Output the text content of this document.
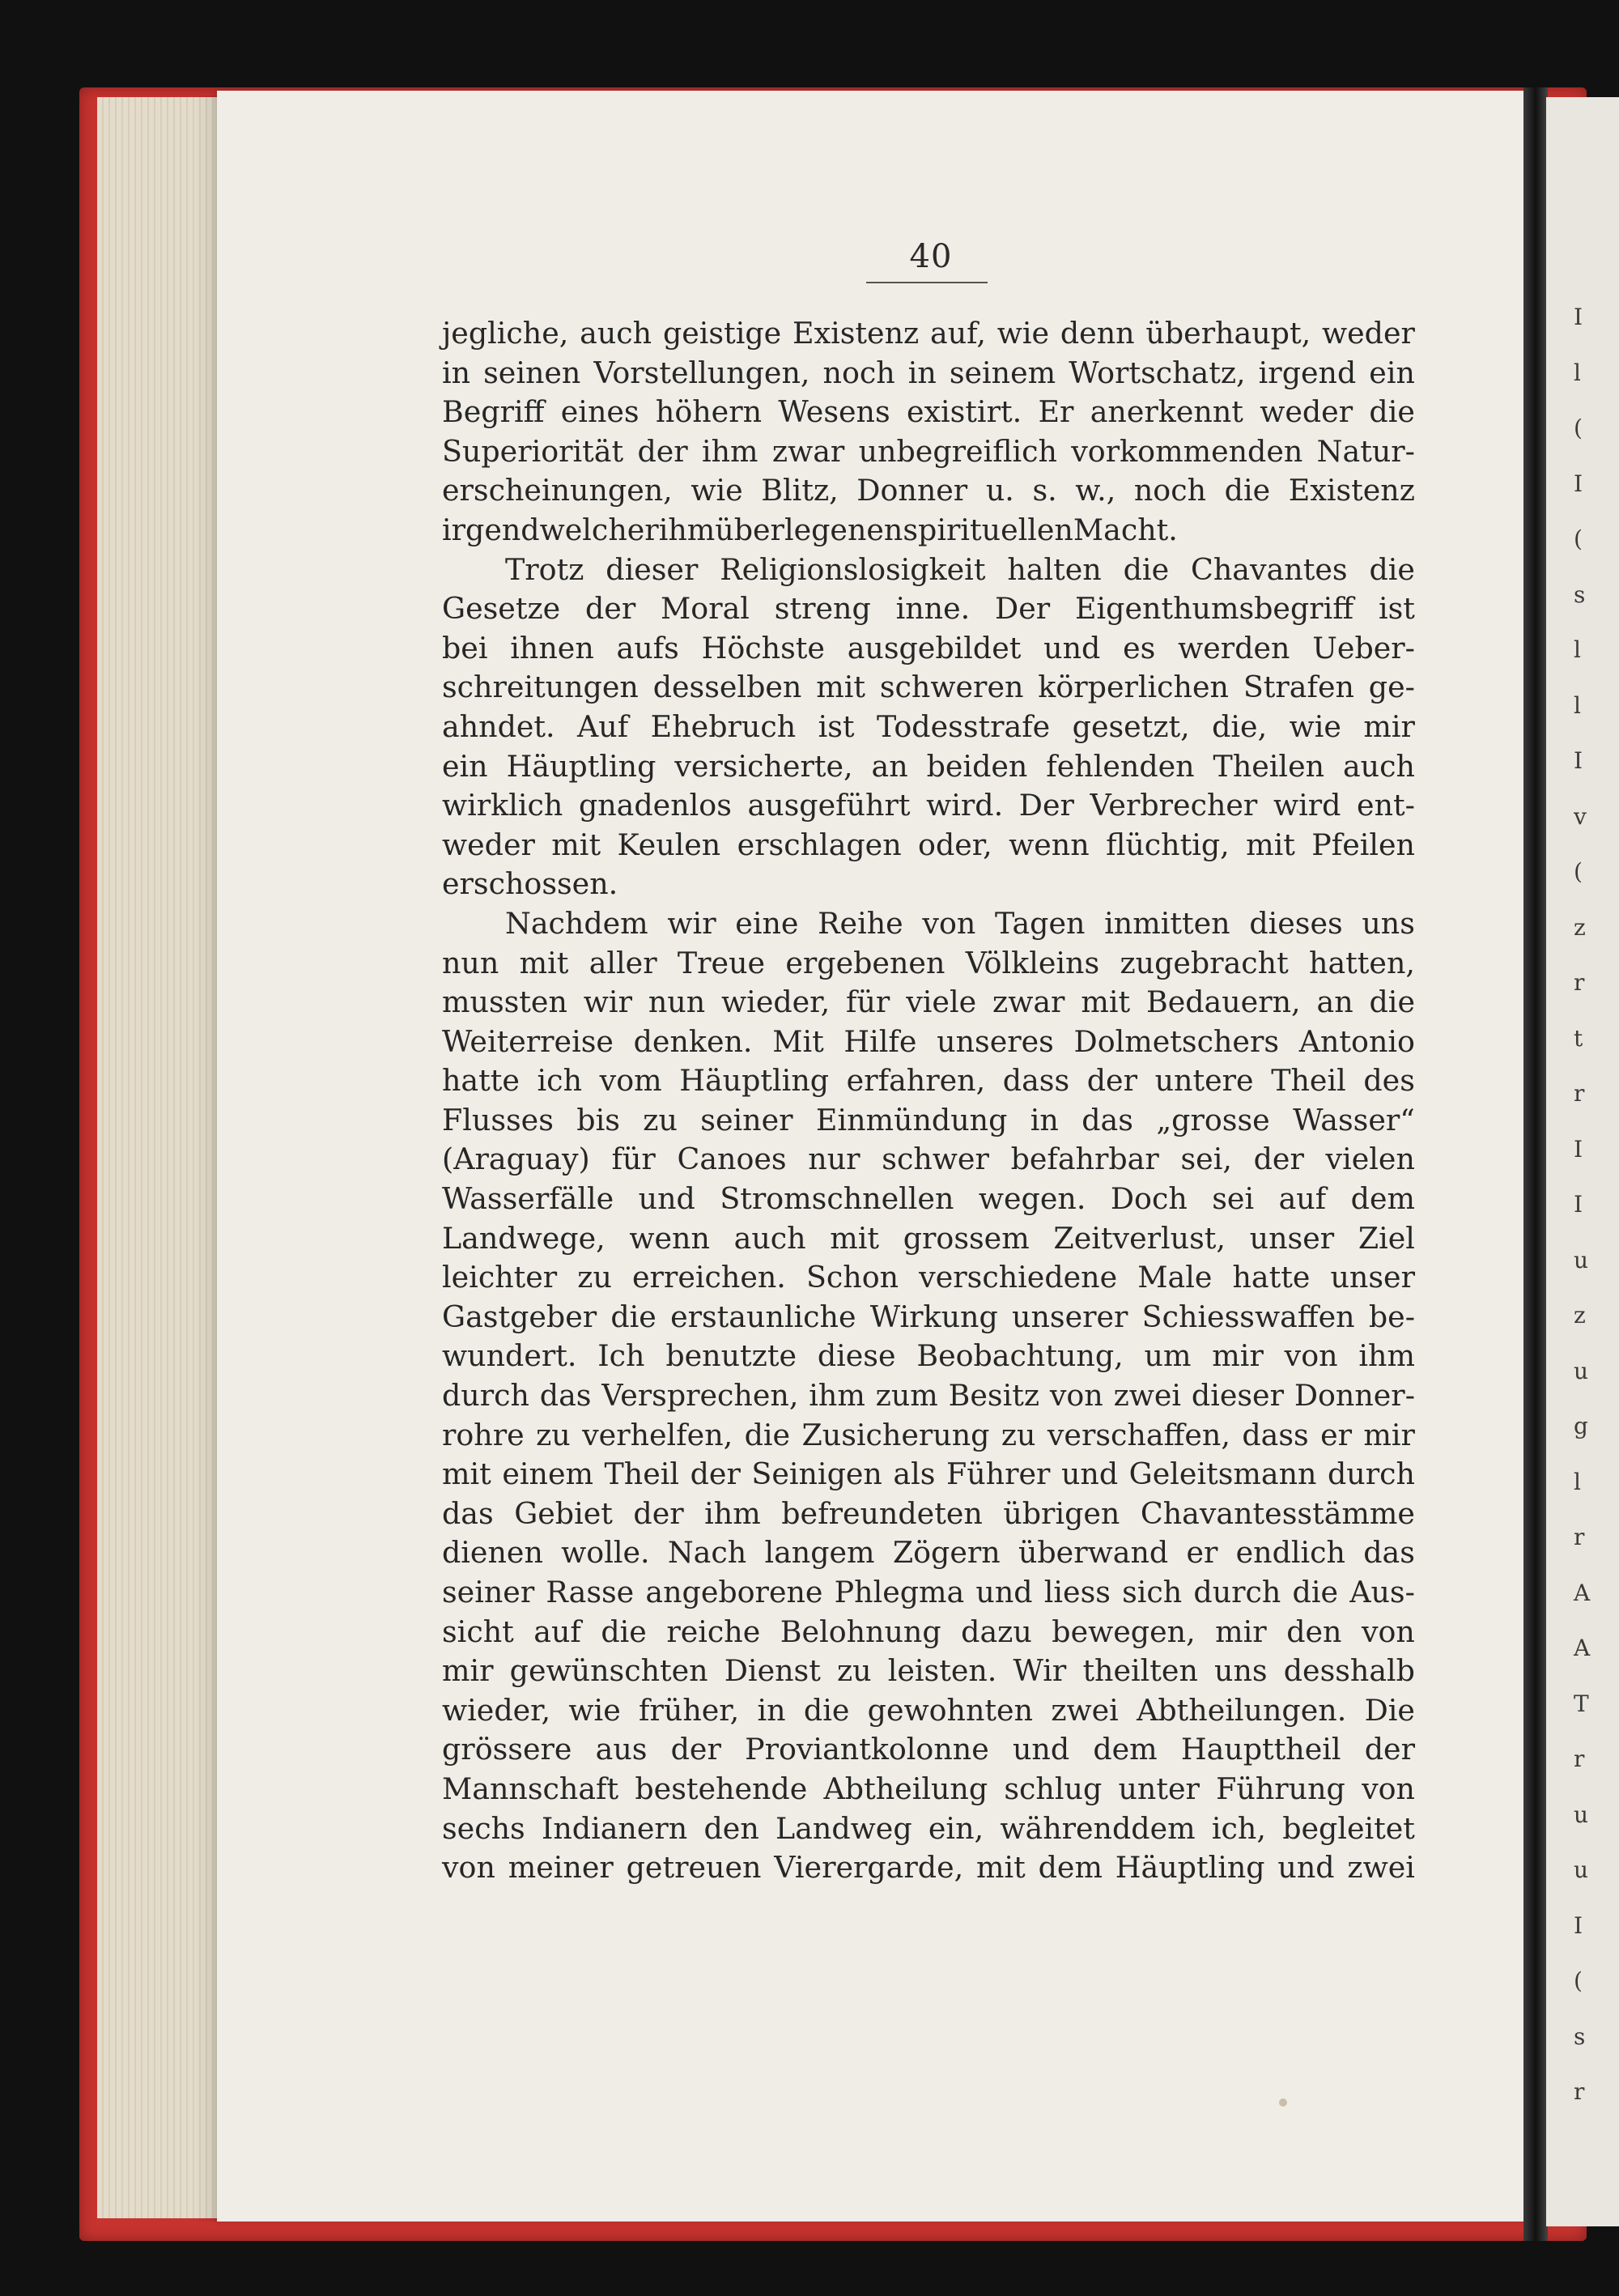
I
l
(
I
(
s
l
l
I
v
(
z
r
t
r
I
I
u
z
u
g
l
r
A
A
T
r
u
u
I
(
s
r
40
jegliche, auch geistige Existenz auf, wie denn überhaupt, weder
in seinen Vorstellungen, noch in seinem Wortschatz, irgend ein
Begriff eines höhern Wesens existirt. Er anerkennt weder die
Superiorität der ihm zwar unbegreiflich vorkommenden Natur-
erscheinungen, wie Blitz, Donner u. s. w., noch die Existenz
irgend welcher ihm überlegenen spirituellen Macht.
Trotz dieser Religionslosigkeit halten die Chavantes die
Gesetze der Moral streng inne. Der Eigenthumsbegriff ist
bei ihnen aufs Höchste ausgebildet und es werden Ueber-
schreitungen desselben mit schweren körperlichen Strafen ge-
ahndet. Auf Ehebruch ist Todesstrafe gesetzt, die, wie mir
ein Häuptling versicherte, an beiden fehlenden Theilen auch
wirklich gnadenlos ausgeführt wird. Der Verbrecher wird ent-
weder mit Keulen erschlagen oder, wenn flüchtig, mit Pfeilen
erschossen.
Nachdem wir eine Reihe von Tagen inmitten dieses uns
nun mit aller Treue ergebenen Völkleins zugebracht hatten,
mussten wir nun wieder, für viele zwar mit Bedauern, an die
Weiterreise denken. Mit Hilfe unseres Dolmetschers Antonio
hatte ich vom Häuptling erfahren, dass der untere Theil des
Flusses bis zu seiner Einmündung in das „grosse Wasser“
(Araguay) für Canoes nur schwer befahrbar sei, der vielen
Wasserfälle und Stromschnellen wegen. Doch sei auf dem
Landwege, wenn auch mit grossem Zeitverlust, unser Ziel
leichter zu erreichen. Schon verschiedene Male hatte unser
Gastgeber die erstaunliche Wirkung unserer Schiesswaffen be-
wundert. Ich benutzte diese Beobachtung, um mir von ihm
durch das Versprechen, ihm zum Besitz von zwei dieser Donner-
rohre zu verhelfen, die Zusicherung zu verschaffen, dass er mir
mit einem Theil der Seinigen als Führer und Geleitsmann durch
das Gebiet der ihm befreundeten übrigen Chavantesstämme
dienen wolle. Nach langem Zögern überwand er endlich das
seiner Rasse angeborene Phlegma und liess sich durch die Aus-
sicht auf die reiche Belohnung dazu bewegen, mir den von
mir gewünschten Dienst zu leisten. Wir theilten uns desshalb
wieder, wie früher, in die gewohnten zwei Abtheilungen. Die
grössere aus der Proviantkolonne und dem Haupttheil der
Mannschaft bestehende Abtheilung schlug unter Führung von
sechs Indianern den Landweg ein, währenddem ich, begleitet
von meiner getreuen Vierergarde, mit dem Häuptling und zwei
